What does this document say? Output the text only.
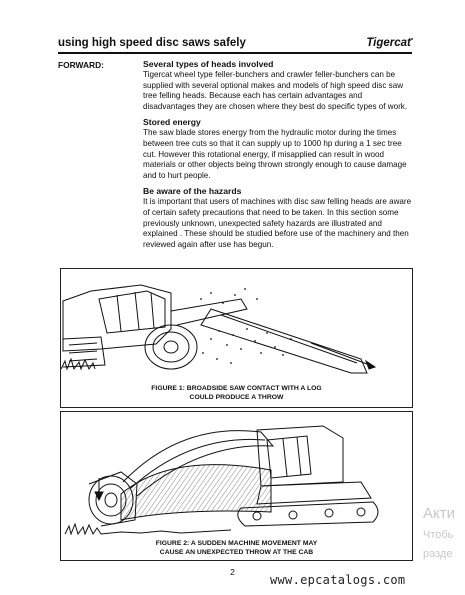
using high speed disc saws safely	Tigercat•
FORWARD:	Several types of heads involved

Tigercat wheel type feller-bunchers and crawler feller-bunchers can be supplied with several optional makes and models of high speed disc saw tree felling heads. Because each has certain advantages and disadvantages they are chosen where they best do specific types of work.

Stored energy

The saw blade stores energy from the hydraulic motor during the times between tree cuts so that it can supply up to 1000 hp during a 1 sec tree cut. However this rotational energy, if misapplied can result in wood materials or other objects being thrown strongly enough to cause damage and to hurt people.

Be aware of the hazards

It is important that users of machines with disc saw felling heads are aware of certain safety precautions that need to be taken. In this section some previously unknown, unexpected safety hazards are illustrated and explained . These should be studied before use of the machinery and then reviewed again after use has begun.

FIGURE 1: BROADSIDE SAW CONTACT WITH A LOG
COULD PRODUCE A THROW
FIGURE 2: A SUDDEN MACHINE MOVEMENT MAY
CAUSE AN UNEXPECTED THROW AT THE CAB
2
www.epcatalogs.com
Акти
Чтобь
разде
